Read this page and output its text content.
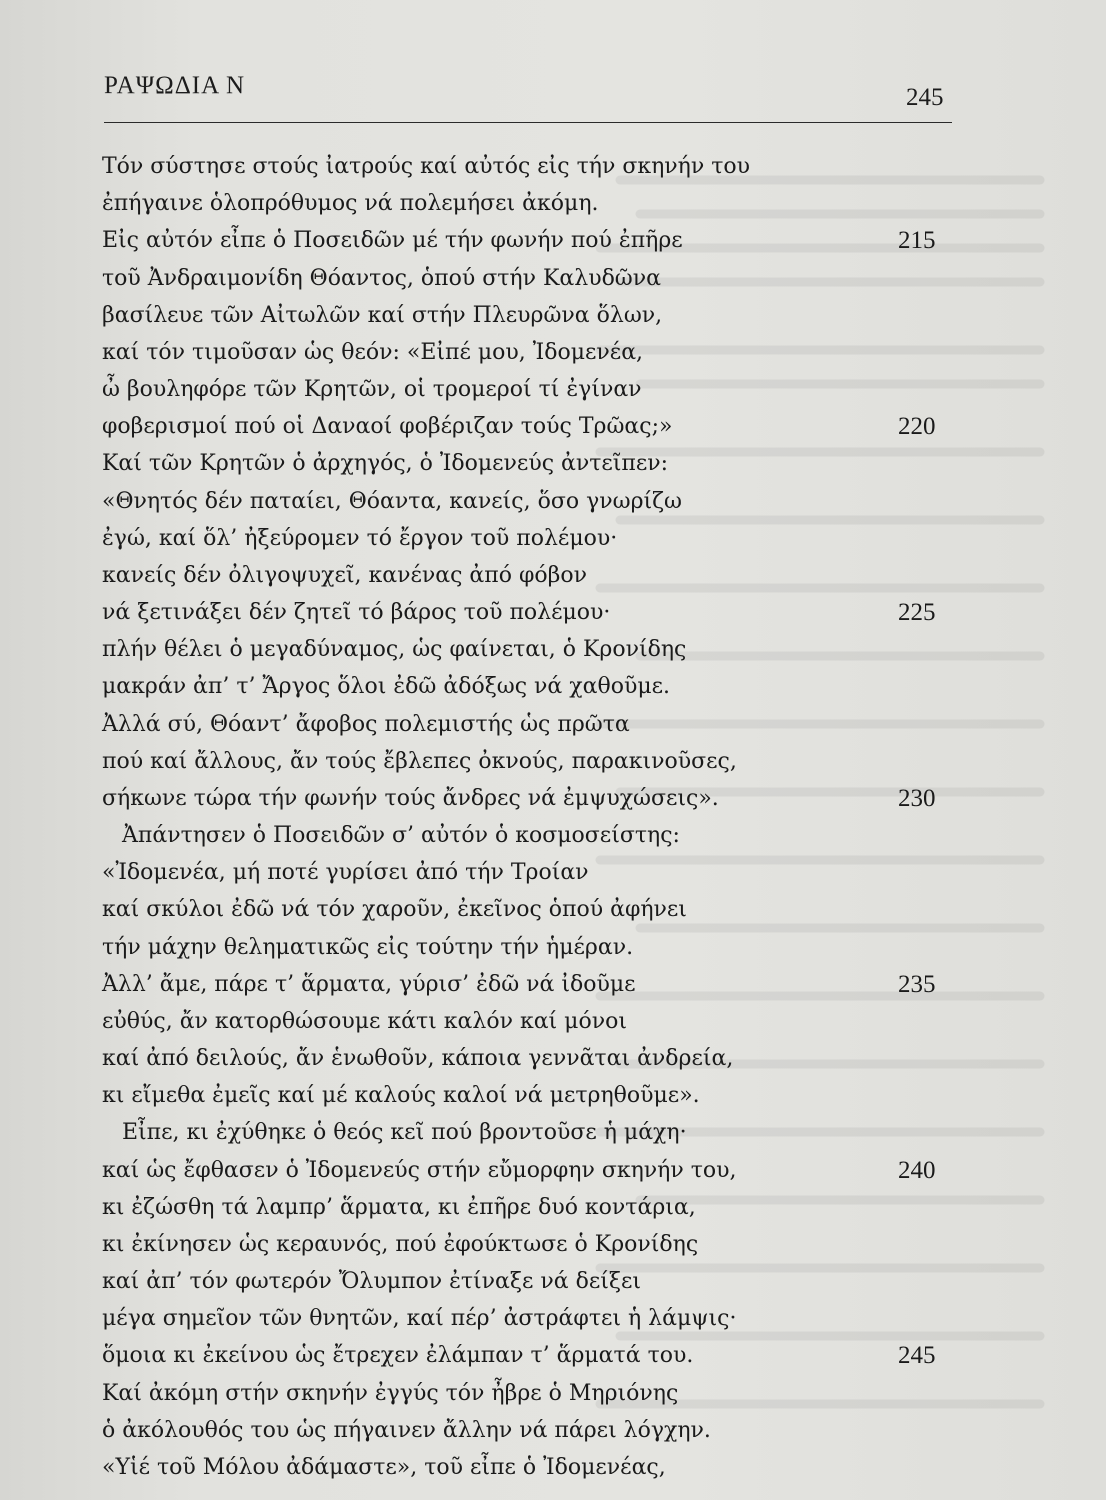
ΡΑΨΩΔΙΑ Ν	245
Τόν σύστησε στούς ἰατρούς καί αὐτός εἰς τήν σκηνήν του
ἐπήγαινε ὁλοπρόθυμος νά πολεμήσει ἀκόμη.
Εἰς αὐτόν εἶπε ὁ Ποσειδῶν μέ τήν φωνήν πού ἐπῆρε	215
τοῦ Ἀνδραιμονίδη Θόαντος, ὁπού στήν Καλυδῶνα
βασίλευε τῶν Αἰτωλῶν καί στήν Πλευρῶνα ὅλων,
καί τόν τιμοῦσαν ὡς θεόν: «Εἰπέ μου, Ἰδομενέα,
ὦ βουληφόρε τῶν Κρητῶν, οἱ τρομεροί τί ἐγίναν
φοβερισμοί πού οἱ Δαναοί φοβέριζαν τούς Τρῶας;»	220
Καί τῶν Κρητῶν ὁ ἀρχηγός, ὁ Ἰδομενεύς ἀντεῖπεν:
«Θνητός δέν παταίει, Θόαντα, κανείς, ὅσο γνωρίζω
ἐγώ, καί ὅλ’ ἠξεύρομεν τό ἔργον τοῦ πολέμου·
κανείς δέν ὀλιγοψυχεῖ, κανένας ἀπό φόβον
νά ξετινάξει δέν ζητεῖ τό βάρος τοῦ πολέμου·	225
πλήν θέλει ὁ μεγαδύναμος, ὡς φαίνεται, ὁ Κρονίδης
μακράν ἀπ’ τ’ Ἄργος ὅλοι ἐδῶ ἀδόξως νά χαθοῦμε.
Ἀλλά σύ, Θόαντ’ ἄφοβος πολεμιστής ὡς πρῶτα
πού καί ἄλλους, ἄν τούς ἔβλεπες ὀκνούς, παρακινοῦσες,
σήκωνε τώρα τήν φωνήν τούς ἄνδρες νά ἐμψυχώσεις».	230
Ἀπάντησεν ὁ Ποσειδῶν σ’ αὐτόν ὁ κοσμοσείστης:
«Ἰδομενέα, μή ποτέ γυρίσει ἀπό τήν Τροίαν
καί σκύλοι ἐδῶ νά τόν χαροῦν, ἐκεῖνος ὁπού ἀφήνει
τήν μάχην θεληματικῶς εἰς τούτην τήν ἡμέραν.
Ἀλλ’ ἄμε, πάρε τ’ ἅρματα, γύρισ’ ἐδῶ νά ἰδοῦμε	235
εὐθύς, ἄν κατορθώσουμε κάτι καλόν καί μόνοι
καί ἀπό δειλούς, ἄν ἑνωθοῦν, κάποια γεννᾶται ἀνδρεία,
κι εἴμεθα ἐμεῖς καί μέ καλούς καλοί νά μετρηθοῦμε».
Εἶπε, κι ἐχύθηκε ὁ θεός κεῖ πού βροντοῦσε ἡ μάχη·
καί ὡς ἔφθασεν ὁ Ἰδομενεύς στήν εὔμορφην σκηνήν του,	240
κι ἐζώσθη τά λαμπρ’ ἅρματα, κι ἐπῆρε δυό κοντάρια,
κι ἐκίνησεν ὡς κεραυνός, πού ἐφούκτωσε ὁ Κρονίδης
καί ἀπ’ τόν φωτερόν Ὄλυμπον ἐτίναξε νά δείξει
μέγα σημεῖον τῶν θνητῶν, καί πέρ’ ἀστράφτει ἡ λάμψις·
ὅμοια κι ἐκείνου ὡς ἔτρεχεν ἐλάμπαν τ’ ἅρματά του.	245
Καί ἀκόμη στήν σκηνήν ἐγγύς τόν ἦβρε ὁ Μηριόνης
ὁ ἀκόλουθός του ὡς πήγαινεν ἄλλην νά πάρει λόγχην.
«Υἱέ τοῦ Μόλου ἀδάμαστε», τοῦ εἶπε ὁ Ἰδομενέας,
